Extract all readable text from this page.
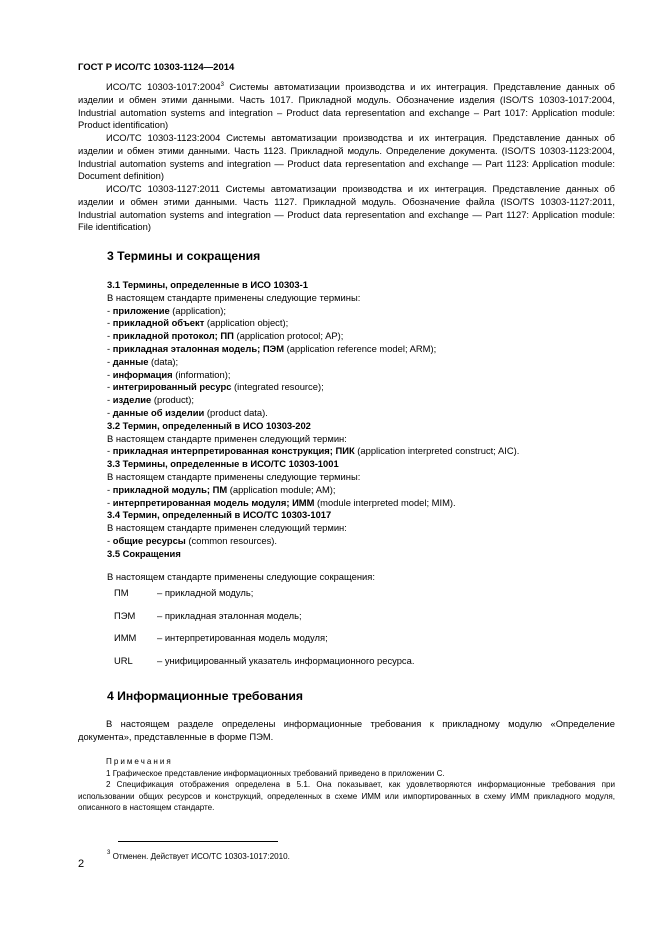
ГОСТ Р ИСО/ТС 10303-1124—2014
ИСО/ТС 10303-1017:2004$^3$ Системы автоматизации производства и их интеграция. Представление данных об изделии и обмен этими данными. Часть 1017. Прикладной модуль. Обозначение изделия (ISO/TS 10303-1017:2004, Industrial automation systems and integration – Product data representation and exchange – Part 1017: Application module: Product identification)
ИСО/ТС 10303-1123:2004 Системы автоматизации производства и их интеграция. Представление данных об изделии и обмен этими данными. Часть 1123. Прикладной модуль. Определение документа. (ISO/TS 10303-1123:2004, Industrial automation systems and integration — Product data representation and exchange — Part 1123: Application module: Document definition)
ИСО/ТС 10303-1127:2011 Системы автоматизации производства и их интеграция. Представление данных об изделии и обмен этими данными. Часть 1127. Прикладной модуль. Обозначение файла (ISO/TS 10303-1127:2011, Industrial automation systems and integration — Product data representation and exchange — Part 1127: Application module: File identification)
3 Термины и сокращения
3.1 Термины, определенные в ИСО 10303-1
В настоящем стандарте применены следующие термины:
- приложение (application);
- прикладной объект (application object);
- прикладной протокол; ПП (application protocol; AP);
- прикладная эталонная модель; ПЭМ (application reference model; ARM);
- данные (data);
- информация (information);
- интегрированный ресурс (integrated resource);
- изделие (product);
- данные об изделии (product data).
3.2 Термин, определенный в ИСО 10303-202
В настоящем стандарте применен следующий термин:
- прикладная интерпретированная конструкция; ПИК (application interpreted construct; AIC).
3.3 Термины, определенные в ИСО/ТС 10303-1001
В настоящем стандарте применены следующие термины:
- прикладной модуль; ПМ (application module; AM);
- интерпретированная модель модуля; ИММ (module interpreted model; MIM).
3.4 Термин, определенный в ИСО/ТС 10303-1017
В настоящем стандарте применен следующий термин:
- общие ресурсы (common resources).
3.5 Сокращения
В настоящем стандарте применены следующие сокращения:
ПМ	– прикладной модуль;
ПЭМ	– прикладная эталонная модель;
ИММ	– интерпретированная модель модуля;
URL	– унифицированный указатель информационного ресурса.
4 Информационные требования
В настоящем разделе определены информационные требования к прикладному модулю «Определение документа», представленные в форме ПЭМ.
Примечания
1 Графическое представление информационных требований приведено в приложении С.
2 Спецификация отображения определена в 5.1. Она показывает, как удовлетворяются информационные требования при использовании общих ресурсов и конструкций, определенных в схеме ИММ или импортированных в схему ИММ прикладного модуля, описанного в настоящем стандарте.
$^3$ Отменен. Действует ИСО/ТС 10303-1017:2010.
2
